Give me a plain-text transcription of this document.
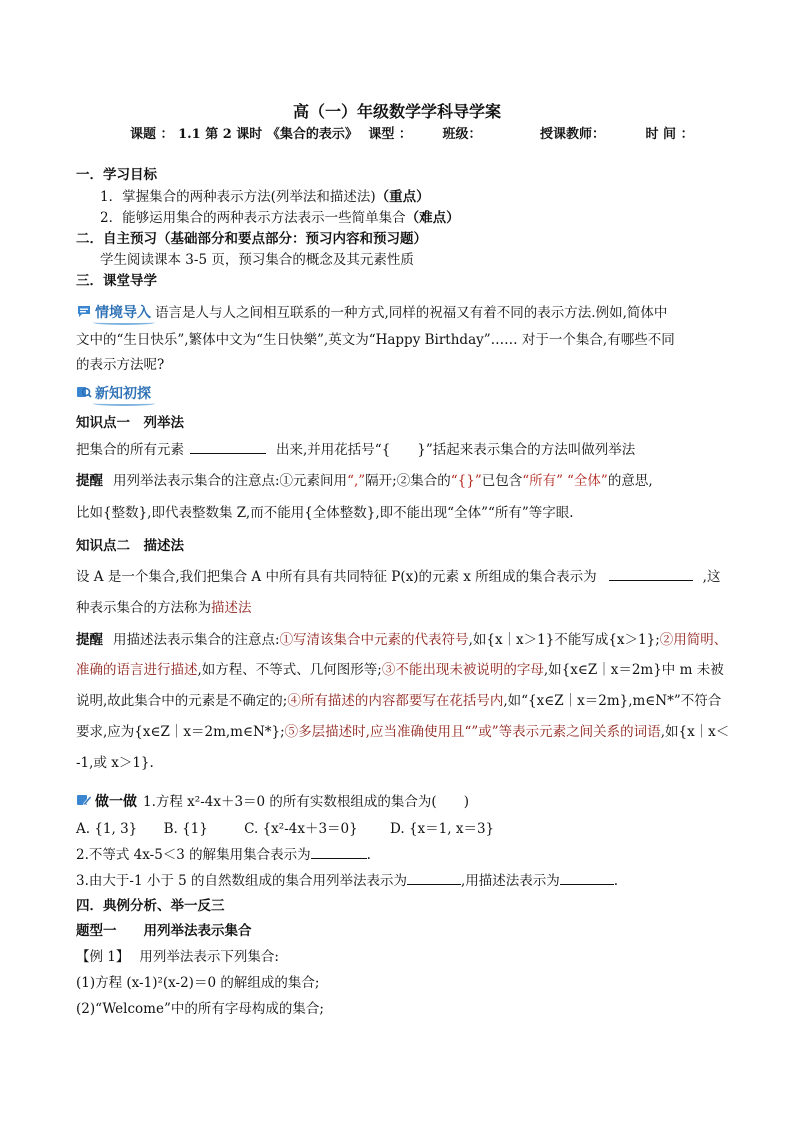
高（一）年级数学学科导学案
课题 ： 1.1 第 2 课时 《集合的表示》 课型 ： 班级：	授课教师：	时 间 ：
一．学习目标
1．掌握集合的两种表示方法(列举法和描述法)（重点）
2．能够运用集合的两种表示方法表示一些简单集合（难点）
二．自主预习（基础部分和要点部分：预习内容和预习题）
学生阅读课本 3-5 页，预习集合的概念及其元素性质
三．课堂导学
情境导入 语言是人与人之间相互联系的一种方式,同样的祝福又有着不同的表示方法.例如,简体中
文中的“生日快乐”,繁体中文为“生日快樂”,英文为“Happy Birthday”…… 对于一个集合,有哪些不同
的表示方法呢?
新知初探
知识点一　列举法
把集合的所有元素	出来,并用花括号“{　　}”括起来表示集合的方法叫做列举法
提醒 用列举法表示集合的注意点:①元素间用“,”隔开;②集合的“{}”已包含“所有” “全体”的意思,
比如{整数},即代表整数集 Z,而不能用{全体整数},即不能出现“全体”“所有”等字眼.
知识点二　描述法
设 A 是一个集合,我们把集合 A 中所有具有共同特征 P(x)的元素 x 所组成的集合表示为	,这
种表示集合的方法称为描述法
提醒 用描述法表示集合的注意点:①写清该集合中元素的代表符号,如{x｜x＞1}不能写成{x＞1};②用简明、
准确的语言进行描述,如方程、不等式、几何图形等;③不能出现未被说明的字母,如{x∈Z｜x＝2m}中 m 未被
说明,故此集合中的元素是不确定的;④所有描述的内容都要写在花括号内,如“{x∈Z｜x＝2m},m∈N*”不符合
要求,应为{x∈Z｜x＝2m,m∈N*};⑤多层描述时,应当准确使用且“”或”等表示元素之间关系的词语,如{x｜x＜
-1,或 x＞1}.
做一做 1.方程 x²-4x＋3＝0 的所有实数根组成的集合为(　　)
A. {1, 3} B. {1}	C. {x²-4x＋3＝0} D. {x＝1, x＝3}
2.不等式 4x-5＜3 的解集用集合表示为	.
3.由大于-1 小于 5 的自然数组成的集合用列举法表示为	,用描述法表示为	.
四．典例分析、举一反三
题型一　　用列举法表示集合
【例 1】 用列举法表示下列集合:
(1)方程 (x-1)²(x-2)＝0 的解组成的集合;
(2)“Welcome”中的所有字母构成的集合;
